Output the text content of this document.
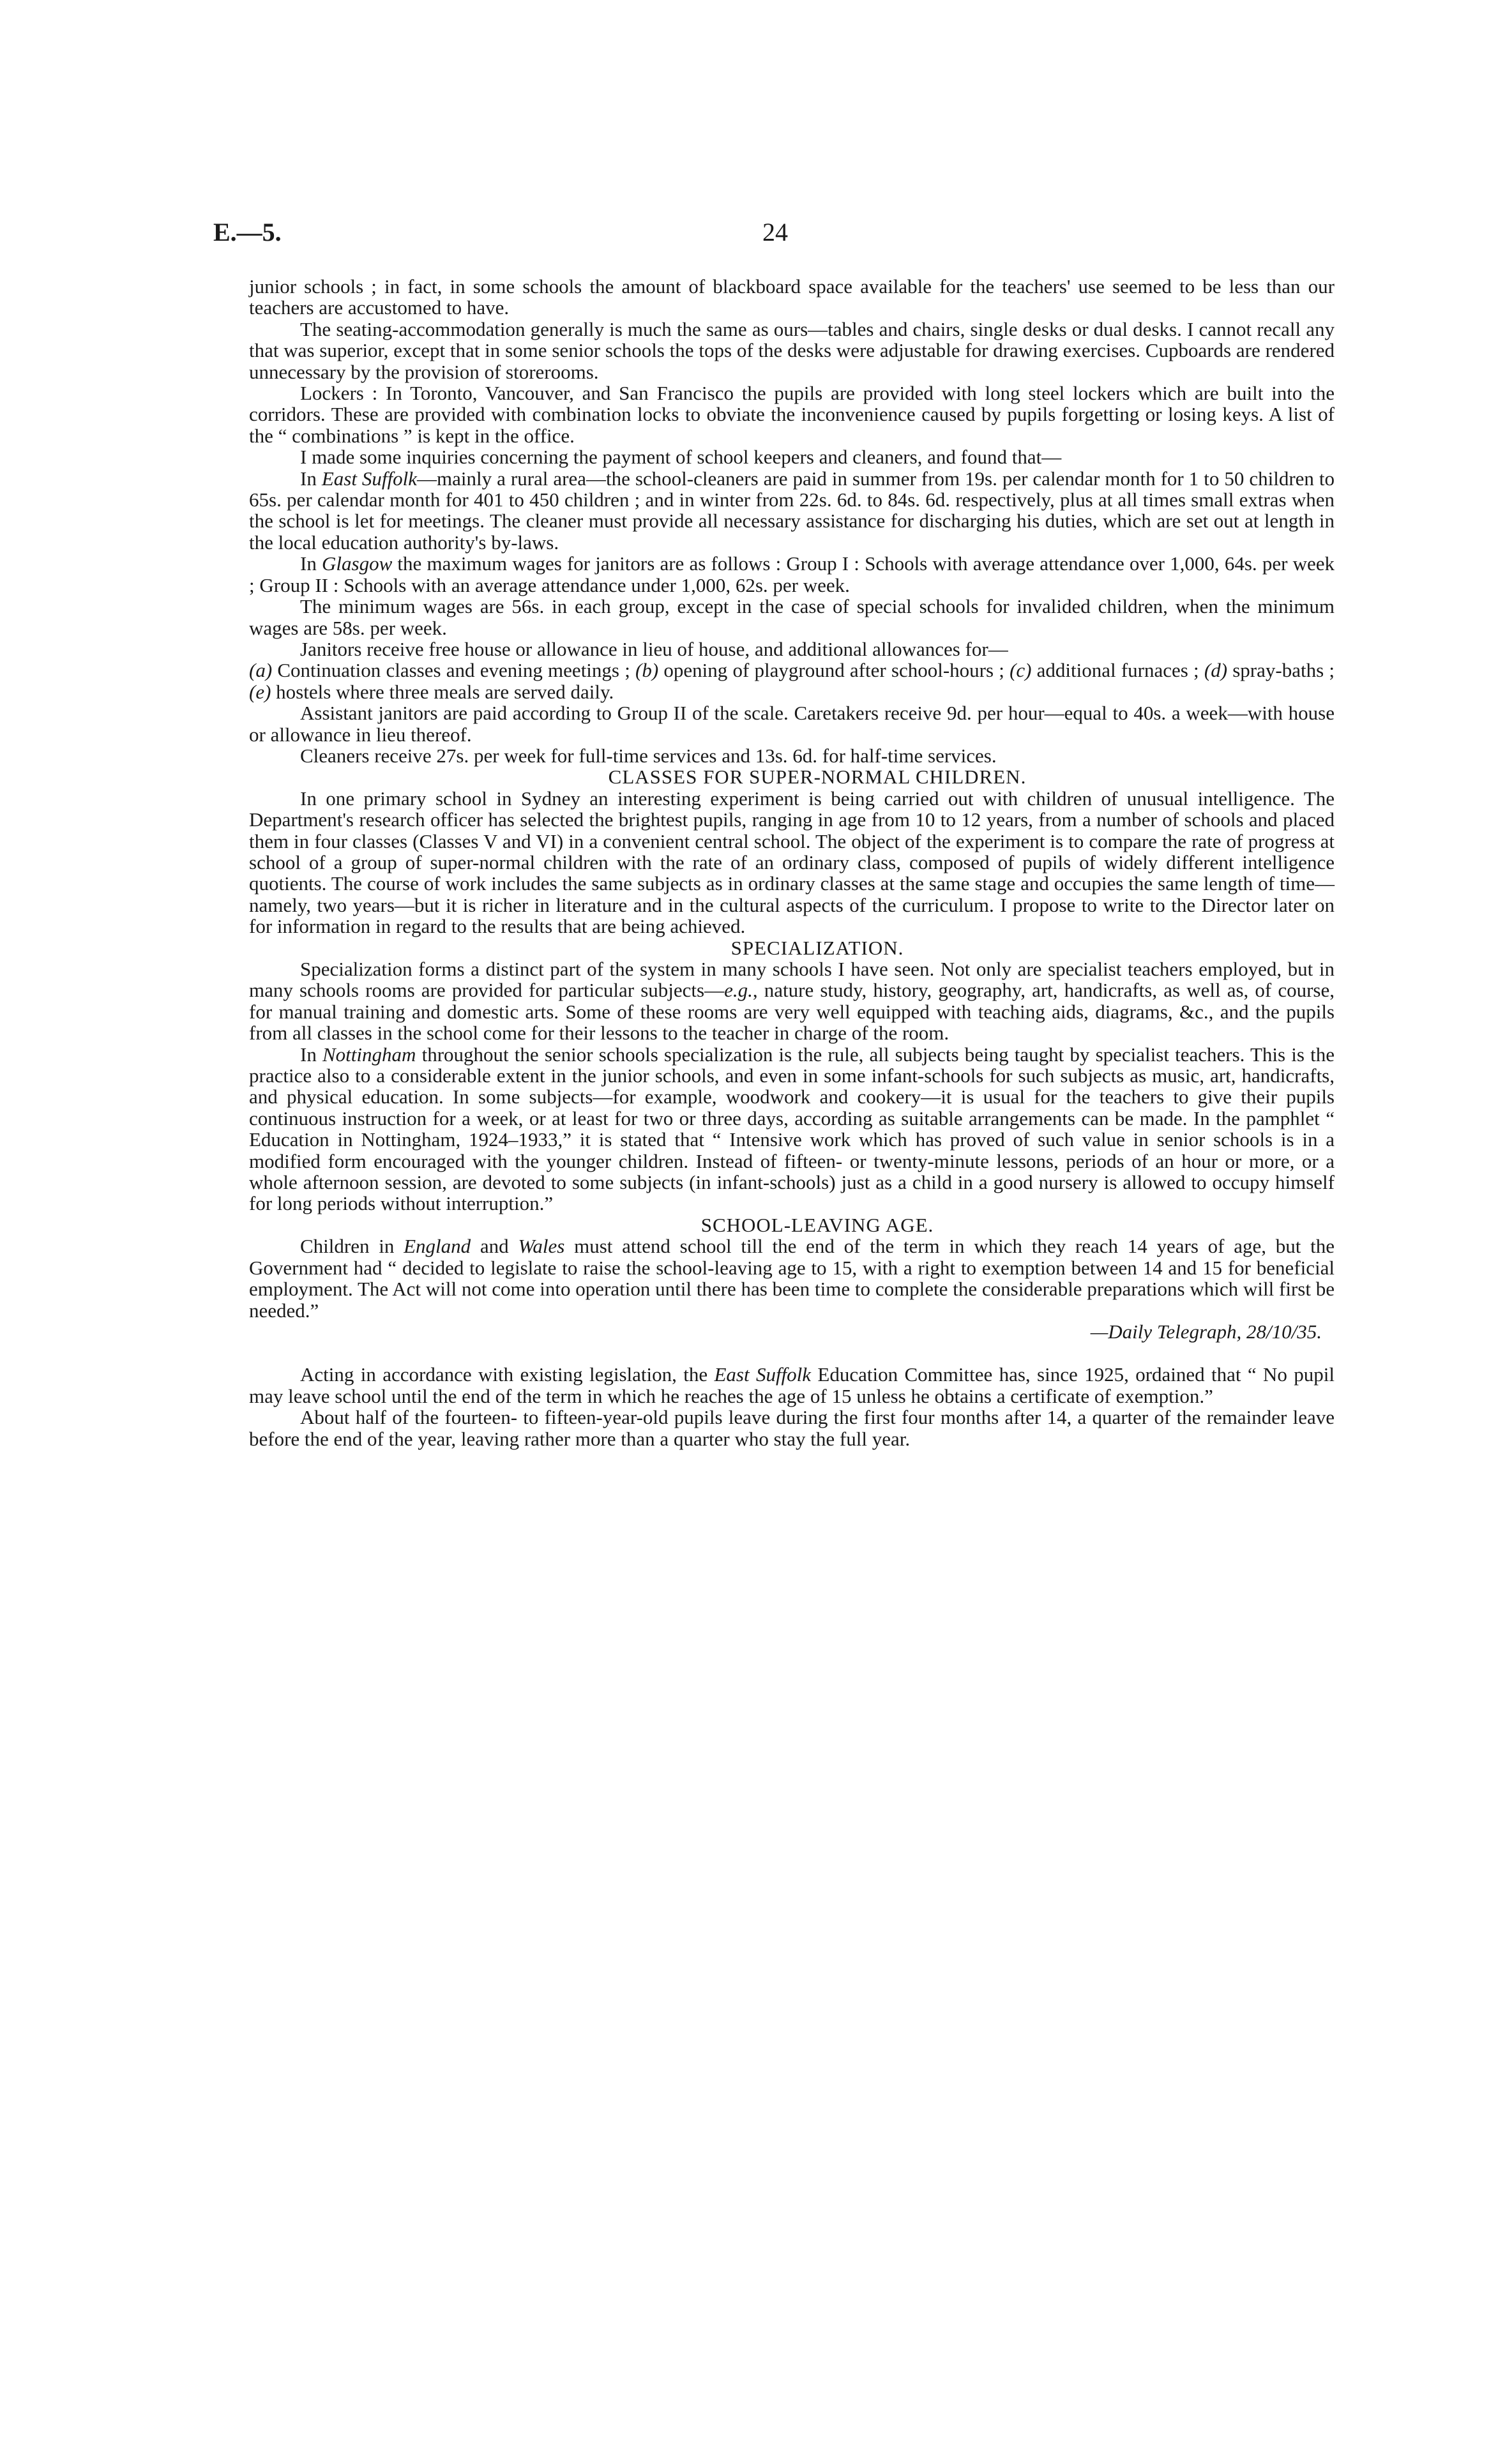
E.—5.	24

junior schools ; in fact, in some schools the amount of blackboard space available for the teachers' use seemed to be less than our teachers are accustomed to have.

The seating-accommodation generally is much the same as ours—tables and chairs, single desks or dual desks. I cannot recall any that was superior, except that in some senior schools the tops of the desks were adjustable for drawing exercises. Cupboards are rendered unnecessary by the provision of storerooms.

Lockers : In Toronto, Vancouver, and San Francisco the pupils are provided with long steel lockers which are built into the corridors. These are provided with combination locks to obviate the inconvenience caused by pupils forgetting or losing keys. A list of the “ combinations ” is kept in the office.

I made some inquiries concerning the payment of school keepers and cleaners, and found that—

In East Suffolk—mainly a rural area—the school-cleaners are paid in summer from 19s. per calendar month for 1 to 50 children to 65s. per calendar month for 401 to 450 children ; and in winter from 22s. 6d. to 84s. 6d. respectively, plus at all times small extras when the school is let for meetings. The cleaner must provide all necessary assistance for discharging his duties, which are set out at length in the local education authority's by-laws.

In Glasgow the maximum wages for janitors are as follows : Group I : Schools with average attendance over 1,000, 64s. per week ; Group II : Schools with an average attendance under 1,000, 62s. per week.

The minimum wages are 56s. in each group, except in the case of special schools for invalided children, when the minimum wages are 58s. per week.

Janitors receive free house or allowance in lieu of house, and additional allowances for—
(a) Continuation classes and evening meetings ; (b) opening of playground after school-hours ; (c) additional furnaces ; (d) spray-baths ; (e) hostels where three meals are served daily.

Assistant janitors are paid according to Group II of the scale. Caretakers receive 9d. per hour—equal to 40s. a week—with house or allowance in lieu thereof.

Cleaners receive 27s. per week for full-time services and 13s. 6d. for half-time services.

CLASSES FOR SUPER-NORMAL CHILDREN.

In one primary school in Sydney an interesting experiment is being carried out with children of unusual intelligence. The Department's research officer has selected the brightest pupils, ranging in age from 10 to 12 years, from a number of schools and placed them in four classes (Classes V and VI) in a convenient central school. The object of the experiment is to compare the rate of progress at school of a group of super-normal children with the rate of an ordinary class, composed of pupils of widely different intelligence quotients. The course of work includes the same subjects as in ordinary classes at the same stage and occupies the same length of time—namely, two years—but it is richer in literature and in the cultural aspects of the curriculum. I propose to write to the Director later on for information in regard to the results that are being achieved.

SPECIALIZATION.

Specialization forms a distinct part of the system in many schools I have seen. Not only are specialist teachers employed, but in many schools rooms are provided for particular subjects—e.g., nature study, history, geography, art, handicrafts, as well as, of course, for manual training and domestic arts. Some of these rooms are very well equipped with teaching aids, diagrams, &c., and the pupils from all classes in the school come for their lessons to the teacher in charge of the room.

In Nottingham throughout the senior schools specialization is the rule, all subjects being taught by specialist teachers. This is the practice also to a considerable extent in the junior schools, and even in some infant-schools for such subjects as music, art, handicrafts, and physical education. In some subjects—for example, woodwork and cookery—it is usual for the teachers to give their pupils continuous instruction for a week, or at least for two or three days, according as suitable arrangements can be made. In the pamphlet “ Education in Nottingham, 1924–1933,” it is stated that “ Intensive work which has proved of such value in senior schools is in a modified form encouraged with the younger children. Instead of fifteen- or twenty-minute lessons, periods of an hour or more, or a whole afternoon session, are devoted to some subjects (in infant-schools) just as a child in a good nursery is allowed to occupy himself for long periods without interruption.”

SCHOOL-LEAVING AGE.

Children in England and Wales must attend school till the end of the term in which they reach 14 years of age, but the Government had “ decided to legislate to raise the school-leaving age to 15, with a right to exemption between 14 and 15 for beneficial employment. The Act will not come into operation until there has been time to complete the considerable preparations which will first be needed.”

—Daily Telegraph, 28/10/35.

Acting in accordance with existing legislation, the East Suffolk Education Committee has, since 1925, ordained that “ No pupil may leave school until the end of the term in which he reaches the age of 15 unless he obtains a certificate of exemption.”

About half of the fourteen- to fifteen-year-old pupils leave during the first four months after 14, a quarter of the remainder leave before the end of the year, leaving rather more than a quarter who stay the full year.
